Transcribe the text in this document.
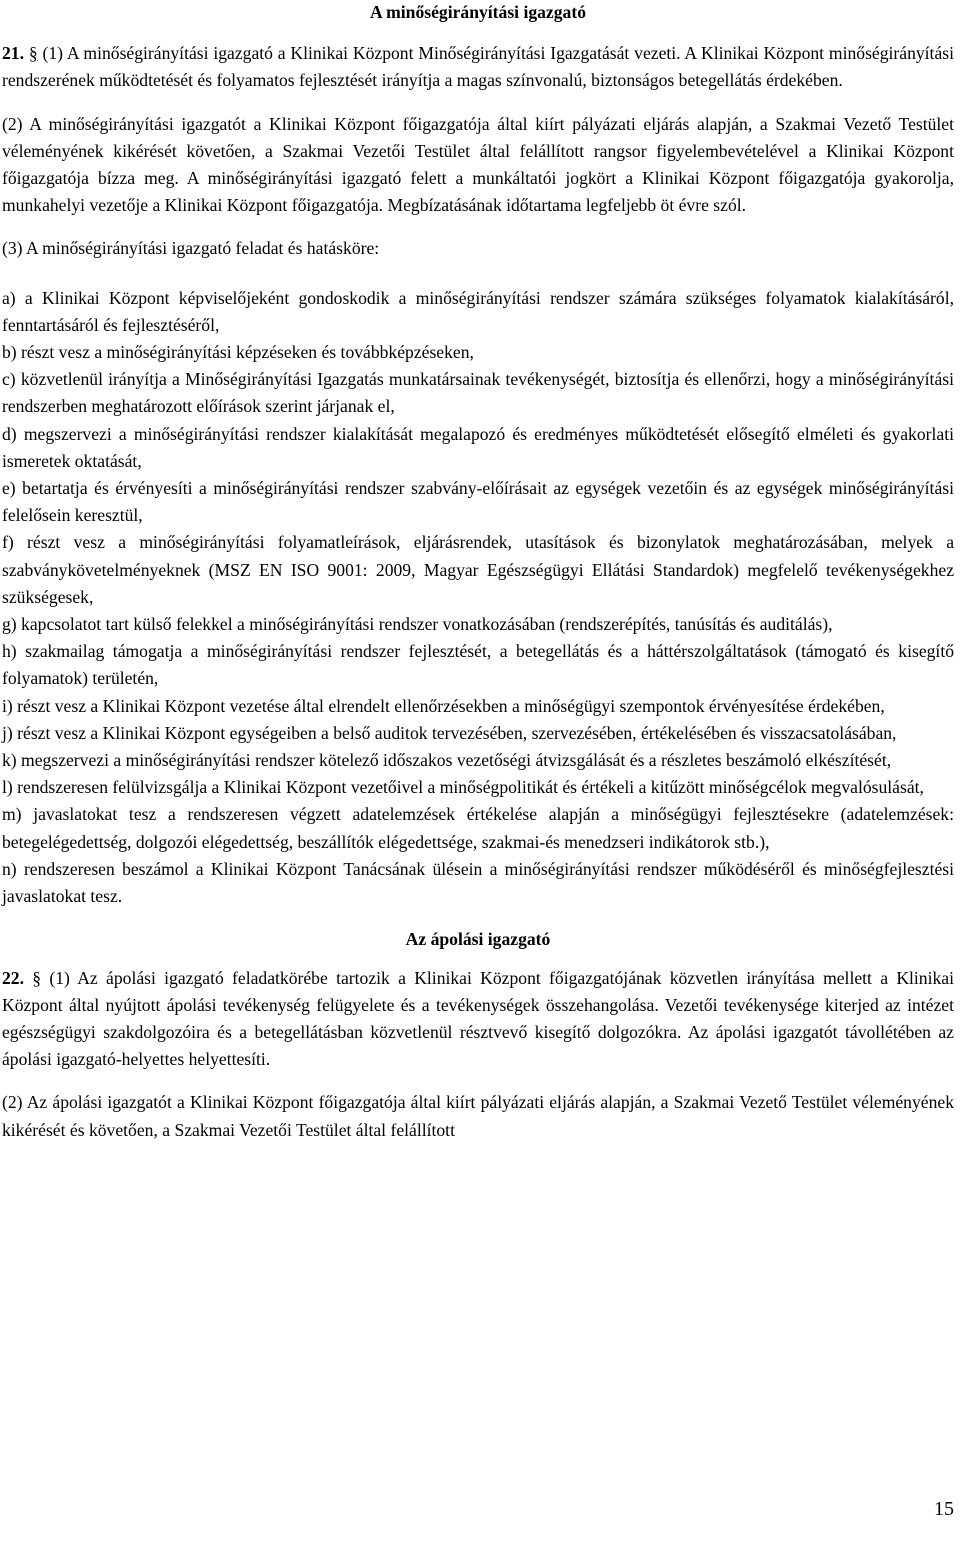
A minőségirányítási igazgató

21. § (1) A minőségirányítási igazgató a Klinikai Központ Minőségirányítási Igazgatását vezeti. A Klinikai Központ minőségirányítási rendszerének működtetését és folyamatos fejlesztését irányítja a magas színvonalú, biztonságos betegellátás érdekében.

(2) A minőségirányítási igazgatót a Klinikai Központ főigazgatója által kiírt pályázati eljárás alapján, a Szakmai Vezető Testület véleményének kikérését követően, a Szakmai Vezetői Testület által felállított rangsor figyelembevételével a Klinikai Központ főigazgatója bízza meg. A minőségirányítási igazgató felett a munkáltatói jogkört a Klinikai Központ főigazgatója gyakorolja, munkahelyi vezetője a Klinikai Központ főigazgatója. Megbízatásának időtartama legfeljebb öt évre szól.

(3) A minőségirányítási igazgató feladat és hatásköre:

a) a Klinikai Központ képviselőjeként gondoskodik a minőségirányítási rendszer számára szükséges folyamatok kialakításáról, fenntartásáról és fejlesztéséről,

b) részt vesz a minőségirányítási képzéseken és továbbképzéseken,

c) közvetlenül irányítja a Minőségirányítási Igazgatás munkatársainak tevékenységét, biztosítja és ellenőrzi, hogy a minőségirányítási rendszerben meghatározott előírások szerint járjanak el,

d) megszervezi a minőségirányítási rendszer kialakítását megalapozó és eredményes működtetését elősegítő elméleti és gyakorlati ismeretek oktatását,

e) betartatja és érvényesíti a minőségirányítási rendszer szabvány-előírásait az egységek vezetőin és az egységek minőségirányítási felelősein keresztül,

f) részt vesz a minőségirányítási folyamatleírások, eljárásrendek, utasítások és bizonylatok meghatározásában, melyek a szabványkövetelményeknek (MSZ EN ISO 9001: 2009, Magyar Egészségügyi Ellátási Standardok) megfelelő tevékenységekhez szükségesek,

g) kapcsolatot tart külső felekkel a minőségirányítási rendszer vonatkozásában (rendszerépítés, tanúsítás és auditálás),

h) szakmailag támogatja a minőségirányítási rendszer fejlesztését, a betegellátás és a háttérszolgáltatások (támogató és kisegítő folyamatok) területén,

i) részt vesz a Klinikai Központ vezetése által elrendelt ellenőrzésekben a minőségügyi szempontok érvényesítése érdekében,

j) részt vesz a Klinikai Központ egységeiben a belső auditok tervezésében, szervezésében, értékelésében és visszacsatolásában,

k) megszervezi a minőségirányítási rendszer kötelező időszakos vezetőségi átvizsgálását és a részletes beszámoló elkészítését,

l) rendszeresen felülvizsgálja a Klinikai Központ vezetőivel a minőségpolitikát és értékeli a kitűzött minőségcélok megvalósulását,

m) javaslatokat tesz a rendszeresen végzett adatelemzések értékelése alapján a minőségügyi fejlesztésekre (adatelemzések: betegelégedettség, dolgozói elégedettség, beszállítók elégedettsége, szakmai-és menedzseri indikátorok stb.),

n) rendszeresen beszámol a Klinikai Központ Tanácsának ülésein a minőségirányítási rendszer működéséről és minőségfejlesztési javaslatokat tesz.

Az ápolási igazgató

22. § (1) Az ápolási igazgató feladatkörébe tartozik a Klinikai Központ főigazgatójának közvetlen irányítása mellett a Klinikai Központ által nyújtott ápolási tevékenység felügyelete és a tevékenységek összehangolása. Vezetői tevékenysége kiterjed az intézet egészségügyi szakdolgozóira és a betegellátásban közvetlenül résztvevő kisegítő dolgozókra. Az ápolási igazgatót távollétében az ápolási igazgató-helyettes helyettesíti.

(2) Az ápolási igazgatót a Klinikai Központ főigazgatója által kiírt pályázati eljárás alapján, a Szakmai Vezető Testület véleményének kikérését és követően, a Szakmai Vezetői Testület által felállított

15
